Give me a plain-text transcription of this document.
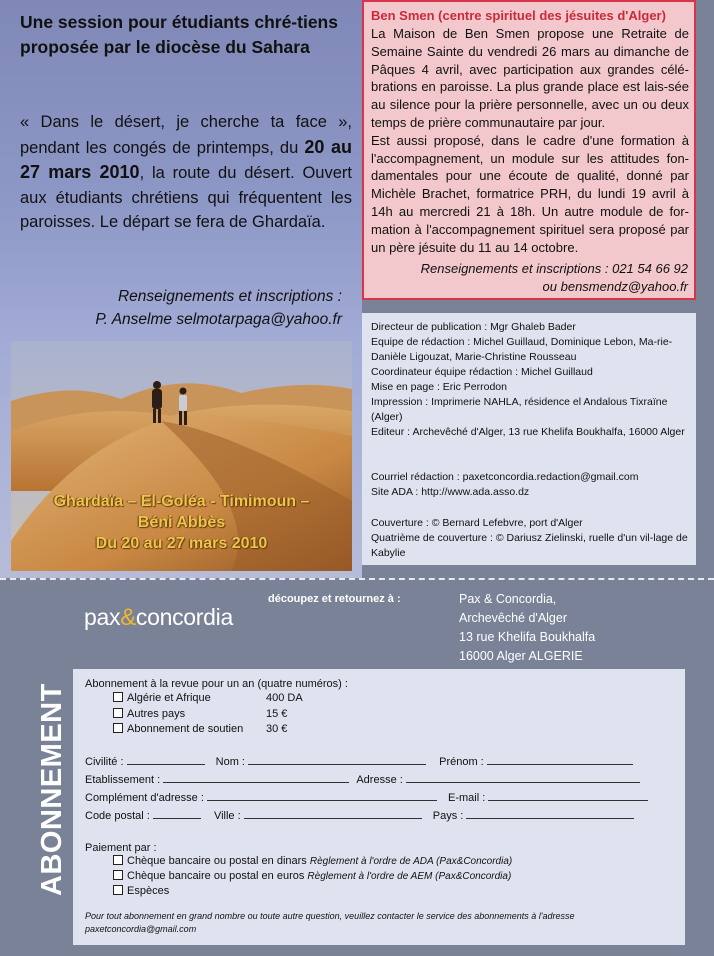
Une session pour étudiants chré-tiens proposée par le diocèse du Sahara
« Dans le désert, je cherche ta face », pendant les congés de printemps, du 20 au 27 mars 2010, la route du désert. Ouvert aux étudiants chrétiens qui fréquentent les paroisses. Le départ se fera de Ghardaïa.
Renseignements et inscriptions :
P. Anselme selmotarpaga@yahoo.fr
Ghardaïa – El-Goléa - Timimoun –
Béni Abbès
Du 20 au 27 mars 2010
Ben Smen (centre spirituel des jésuites d'Alger)
La Maison de Ben Smen propose une Retraite de Semaine Sainte du vendredi 26 mars au dimanche de Pâques 4 avril, avec participation aux grandes célé-brations en paroisse. La plus grande place est lais-sée au silence pour la prière personnelle, avec un ou deux temps de prière communautaire par jour.
Est aussi proposé, dans le cadre d'une formation à l'accompagnement, un module sur les attitudes fon-damentales pour une écoute de qualité, donné par Michèle Brachet, formatrice PRH, du lundi 19 avril à 14h au mercredi 21 à 18h. Un autre module de for-mation à l'accompagnement spirituel sera proposé par un père jésuite du 11 au 14 octobre.
Renseignements et inscriptions : 021 54 66 92
ou bensmendz@yahoo.fr
Directeur de publication : Mgr Ghaleb Bader
Equipe de rédaction : Michel Guillaud, Dominique Lebon, Ma-rie-Danièle Ligouzat, Marie-Christine Rousseau
Coordinateur équipe rédaction : Michel Guillaud
Mise en page : Eric Perrodon
Impression : Imprimerie NAHLA, résidence el Andalous Tixraïne (Alger)
Editeur : Archevêché d'Alger, 13 rue Khelifa Boukhalfa, 16000 Alger
Courriel rédaction : paxetconcordia.redaction@gmail.com
Site ADA : http://www.ada.asso.dz
Couverture : © Bernard Lefebvre, port d'Alger
Quatrième de couverture : © Dariusz Zielinski, ruelle d'un vil-lage de Kabylie
pax&concordia
découpez et retournez à :	Pax & Concordia,
Archevêché d'Alger
13 rue Khelifa Boukhalfa
16000 Alger ALGERIE
ABONNEMENT Abonnement à la revue pour un an (quatre numéros) :
Algérie et Afrique	400 DA
Autres pays	15 €
Abonnement de soutien 30 €
Civilité :	Nom :	Prénom :
Etablissement :	Adresse :
Complément d'adresse :	E-mail :
Code postal :	Ville :	Pays :
Paiement par :
Chèque bancaire ou postal en dinars Règlement à l'ordre de ADA (Pax&Concordia)
Chèque bancaire ou postal en euros Règlement à l'ordre de AEM (Pax&Concordia)
Espèces
Pour tout abonnement en grand nombre ou toute autre question, veuillez contacter le service des abonnements à l'adresse paxetconcordia@gmail.com
